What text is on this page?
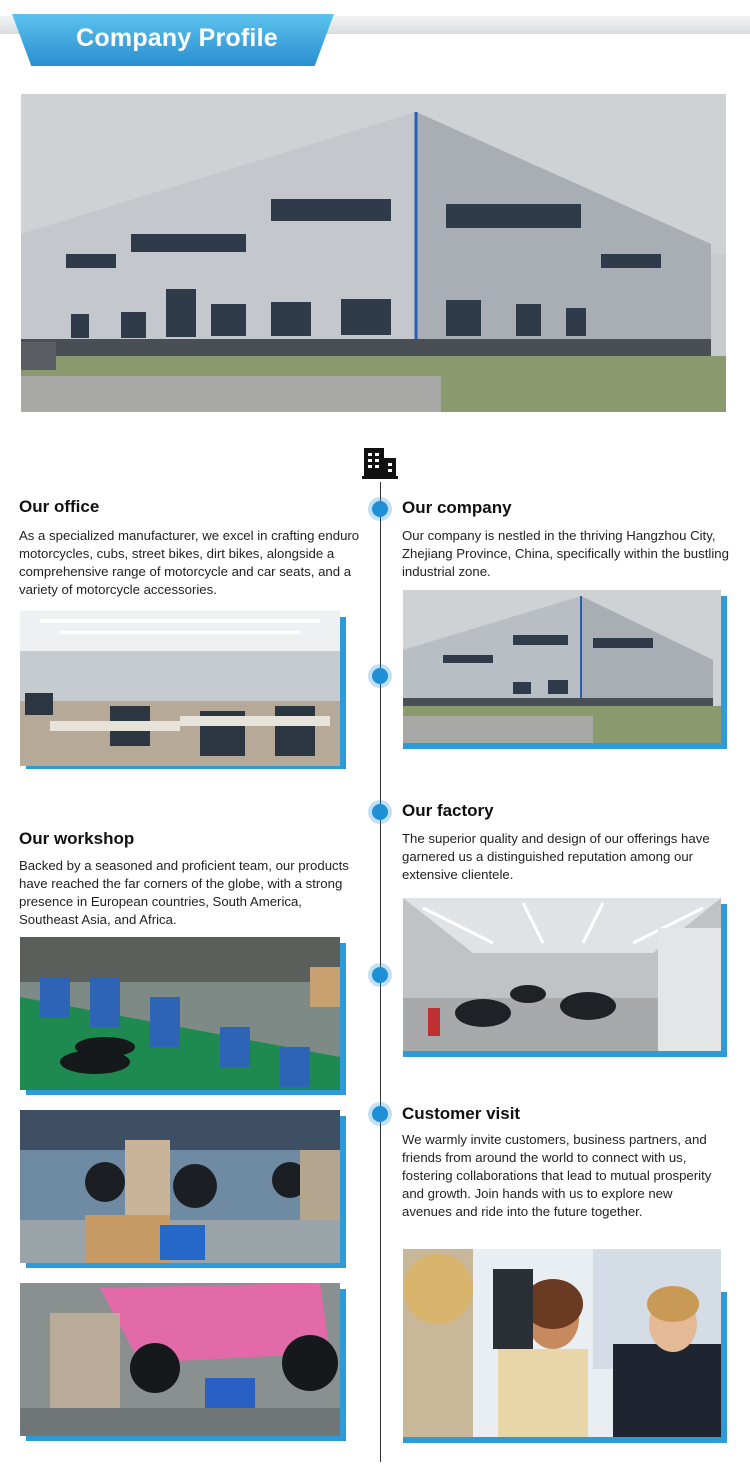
Company Profile
Our office
As a specialized manufacturer, we excel in crafting enduro motorcycles, cubs, street bikes, dirt bikes, alongside a comprehensive range of motorcycle and car seats, and a variety of motorcycle accessories.
Our company
Our company is nestled in the thriving Hangzhou City, Zhejiang Province, China, specifically within the bustling industrial zone.
Our factory
The superior quality and design of our offerings have garnered us a distinguished reputation among our extensive clientele.
Our workshop
Backed by a seasoned and proficient team, our products have reached the far corners of the globe, with a strong presence in European countries, South America, Southeast Asia, and Africa.
Customer visit
We warmly invite customers, business partners, and friends from around the world to connect with us, fostering collaborations that lead to mutual prosperity and growth. Join hands with us to explore new avenues and ride into the future together.
